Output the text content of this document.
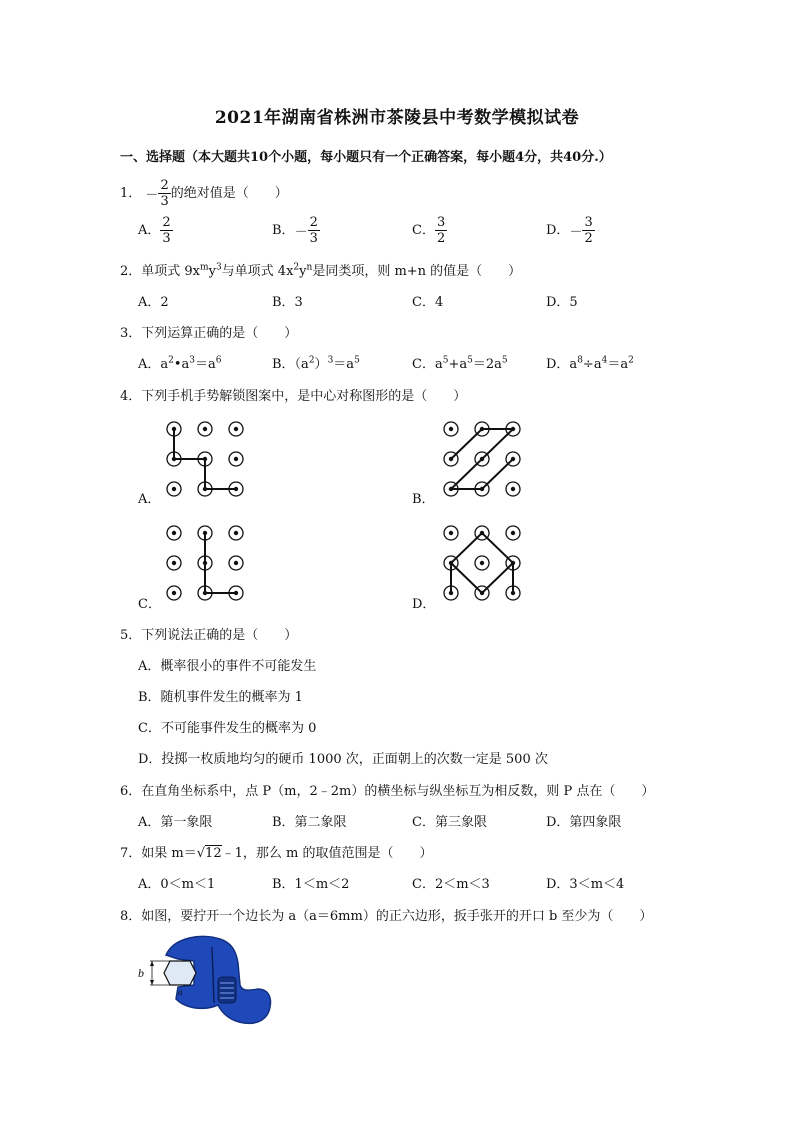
2021年湖南省株洲市茶陵县中考数学模拟试卷
一、选择题（本大题共10个小题，每小题只有一个正确答案，每小题4分，共40分.）
1． － $\frac{2}{3}$ 的绝对值是（　　）
A． $\frac{2}{3}$	B．－ $\frac{2}{3}$	C． $\frac{3}{2}$	D．－ $\frac{3}{2}$
2．单项式 $9x^my^3$与单项式 $4x^2y^n$是同类项，则 m+n 的值是（　　）
A．2	B．3	C．4	D．5
3．下列运算正确的是（　　）
A．$a^2•a^3=a^6$	B．$(a^2)^3=a^5$	C．$a^5+a^5=2a^5$	D．$a^8\div a^4=a^2$
4．下列手机手势解锁图案中，是中心对称图形的是（　　）
A．	B．
C．	D．
5．下列说法正确的是（　　）
A．概率很小的事件不可能发生
B．随机事件发生的概率为 1
C．不可能事件发生的概率为 0
D．投掷一枚质地均匀的硬币 1000 次，正面朝上的次数一定是 500 次
6．在直角坐标系中，点 P（m，2﹣2m）的横坐标与纵坐标互为相反数，则 P 点在（　　）
A．第一象限	B．第二象限	C．第三象限	D．第四象限
7．如果 m＝√12﹣1，那么 m 的取值范围是（　　）
A．0＜m＜1	B．1＜m＜2	C．2＜m＜3	D．3＜m＜4
8．如图，要拧开一个边长为 a（a＝6mm）的正六边形，扳手张开的开口 b 至少为（　　）
b
a
